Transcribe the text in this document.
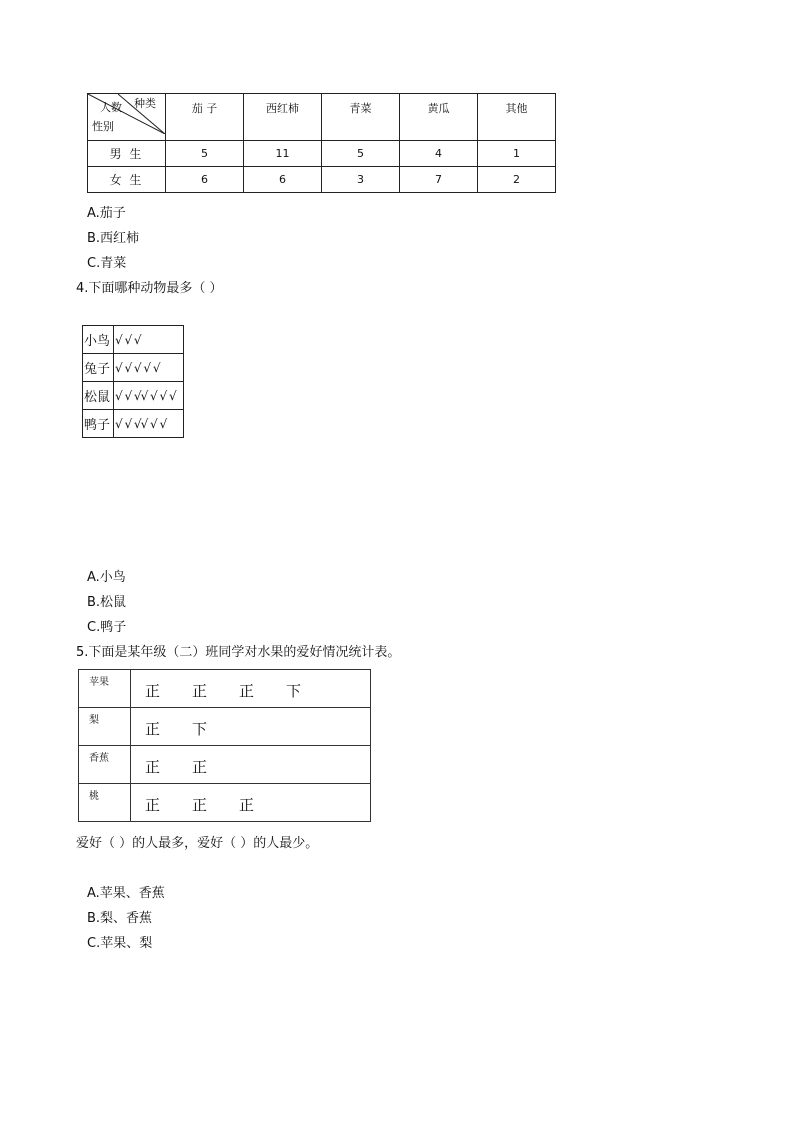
种类
人数
性别	茄 子	西红柿	青菜	黄瓜	其他
男 生	5	11	5	4	1
女 生	6	6	3	7	2
A.茄子
B.西红柿
C.青菜
4.下面哪种动物最多（ ）
小鸟	√ √ √
兔子	√ √ √ √ √
松鼠	√ √ √√ √ √ √
鸭子	√ √ √√ √ √
A.小鸟
B.松鼠
C.鸭子
5.下面是某年级（二）班同学对水果的爱好情况统计表。
苹果	正 正 正 下
梨	正 下
香蕉	正 正
桃	正 正 正
爱好（ ）的人最多，爱好（ ）的人最少。
A.苹果、香蕉
B.梨、香蕉
C.苹果、梨
